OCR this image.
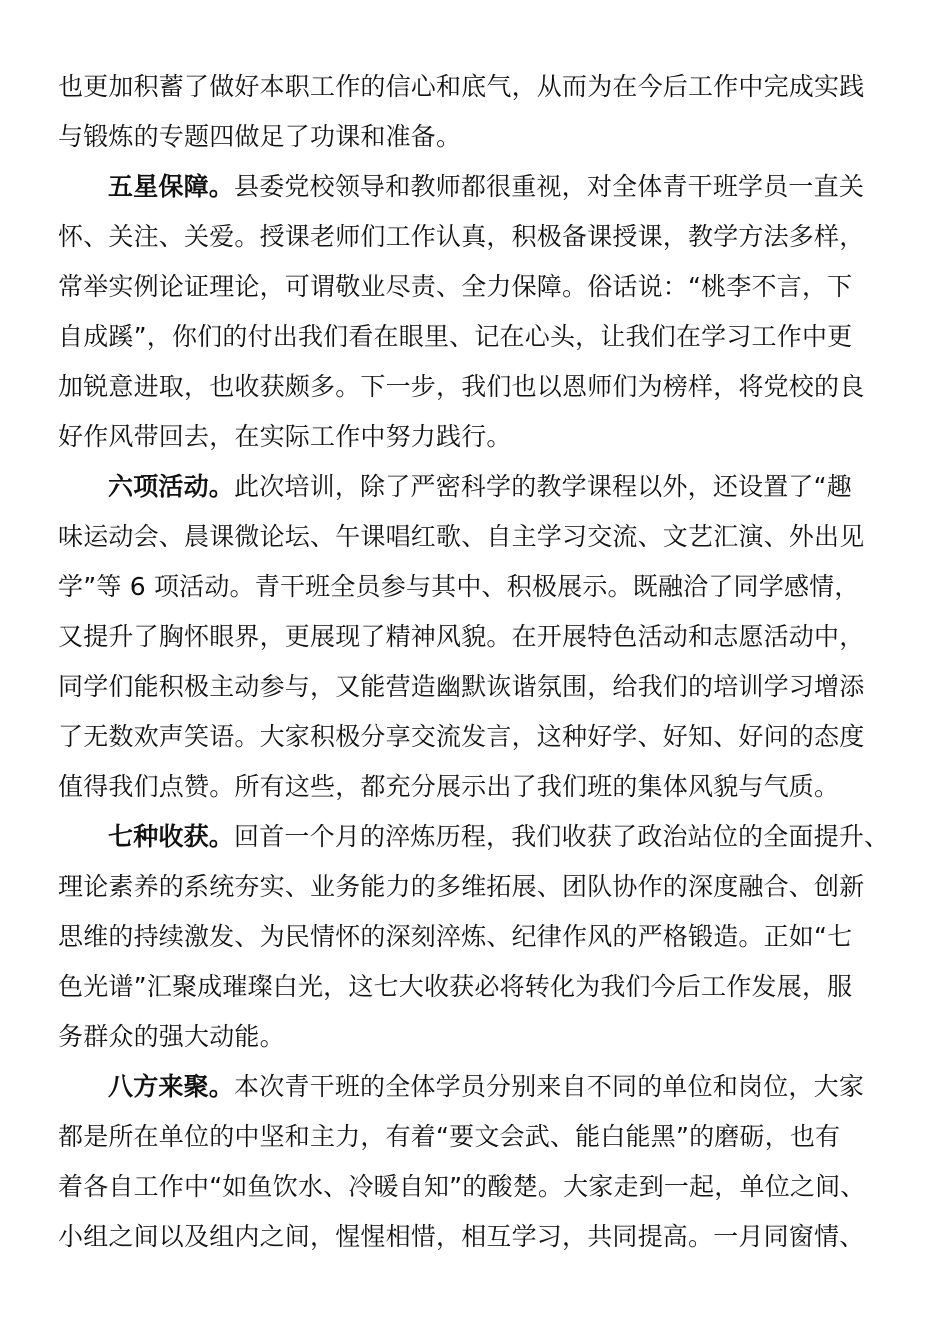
也更加积蓄了做好本职工作的信心和底气，从而为在今后工作中完成实践
与锻炼的专题四做足了功课和准备。
五星保障。县委党校领导和教师都很重视，对全体青干班学员一直关
怀、关注、关爱。授课老师们工作认真，积极备课授课，教学方法多样，
常举实例论证理论，可谓敬业尽责、全力保障。俗话说：“桃李不言，下
自成蹊”，你们的付出我们看在眼里、记在心头，让我们在学习工作中更
加锐意进取，也收获颇多。下一步，我们也以恩师们为榜样，将党校的良
好作风带回去，在实际工作中努力践行。
六项活动。此次培训，除了严密科学的教学课程以外，还设置了“趣
味运动会、晨课微论坛、午课唱红歌、自主学习交流、文艺汇演、外出见
学”等 6 项活动。青干班全员参与其中、积极展示。既融洽了同学感情，
又提升了胸怀眼界，更展现了精神风貌。在开展特色活动和志愿活动中，
同学们能积极主动参与，又能营造幽默诙谐氛围，给我们的培训学习增添
了无数欢声笑语。大家积极分享交流发言，这种好学、好知、好问的态度
值得我们点赞。所有这些，都充分展示出了我们班的集体风貌与气质。
七种收获。回首一个月的淬炼历程，我们收获了政治站位的全面提升、
理论素养的系统夯实、业务能力的多维拓展、团队协作的深度融合、创新
思维的持续激发、为民情怀的深刻淬炼、纪律作风的严格锻造。正如“七
色光谱”汇聚成璀璨白光，这七大收获必将转化为我们今后工作发展，服
务群众的强大动能。
八方来聚。本次青干班的全体学员分别来自不同的单位和岗位，大家
都是所在单位的中坚和主力，有着“要文会武、能白能黑”的磨砺，也有
着各自工作中“如鱼饮水、冷暖自知”的酸楚。大家走到一起，单位之间、
小组之间以及组内之间，惺惺相惜，相互学习，共同提高。一月同窗情、
